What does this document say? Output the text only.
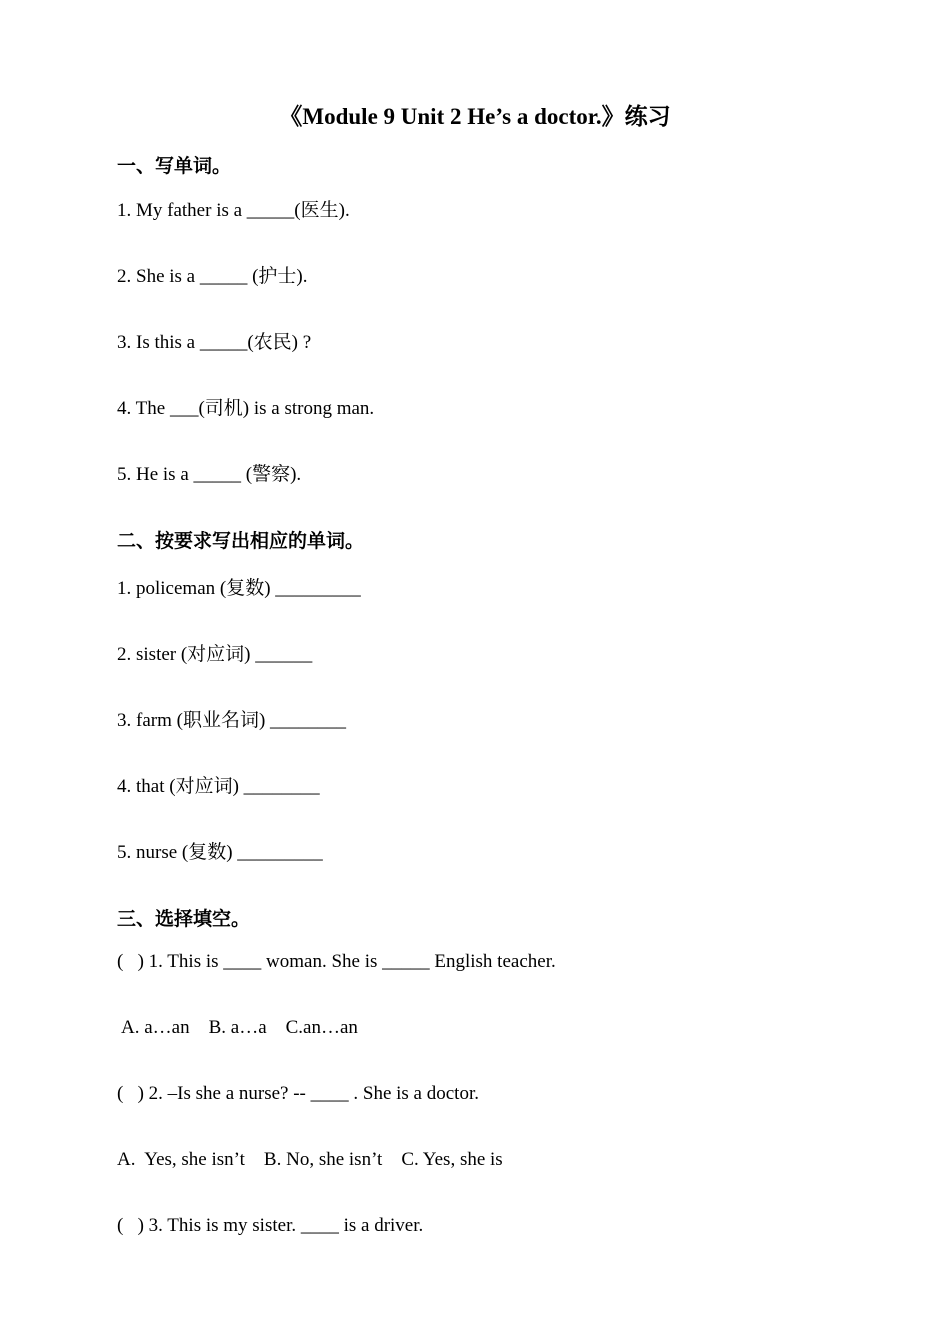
《Module 9 Unit 2 He’s a doctor.》练习
一、写单词。
1. My father is a _____(医生).
2. She is a _____ (护士).
3. Is this a _____(农民) ?
4. The ___(司机) is a strong man.
5. He is a _____ (警察).
二、按要求写出相应的单词。
1. policeman (复数) _________
2. sister (对应词) ______
3. farm (职业名词) ________
4. that (对应词) ________
5. nurse (复数) _________
三、选择填空。
(   ) 1. This is ____ woman. She is _____ English teacher.
A. a…an    B. a…a    C.an…an
(   ) 2. –Is she a nurse? -- ____ . She is a doctor.
A.  Yes, she isn’t    B. No, she isn’t    C. Yes, she is
(   ) 3. This is my sister. ____ is a driver.
